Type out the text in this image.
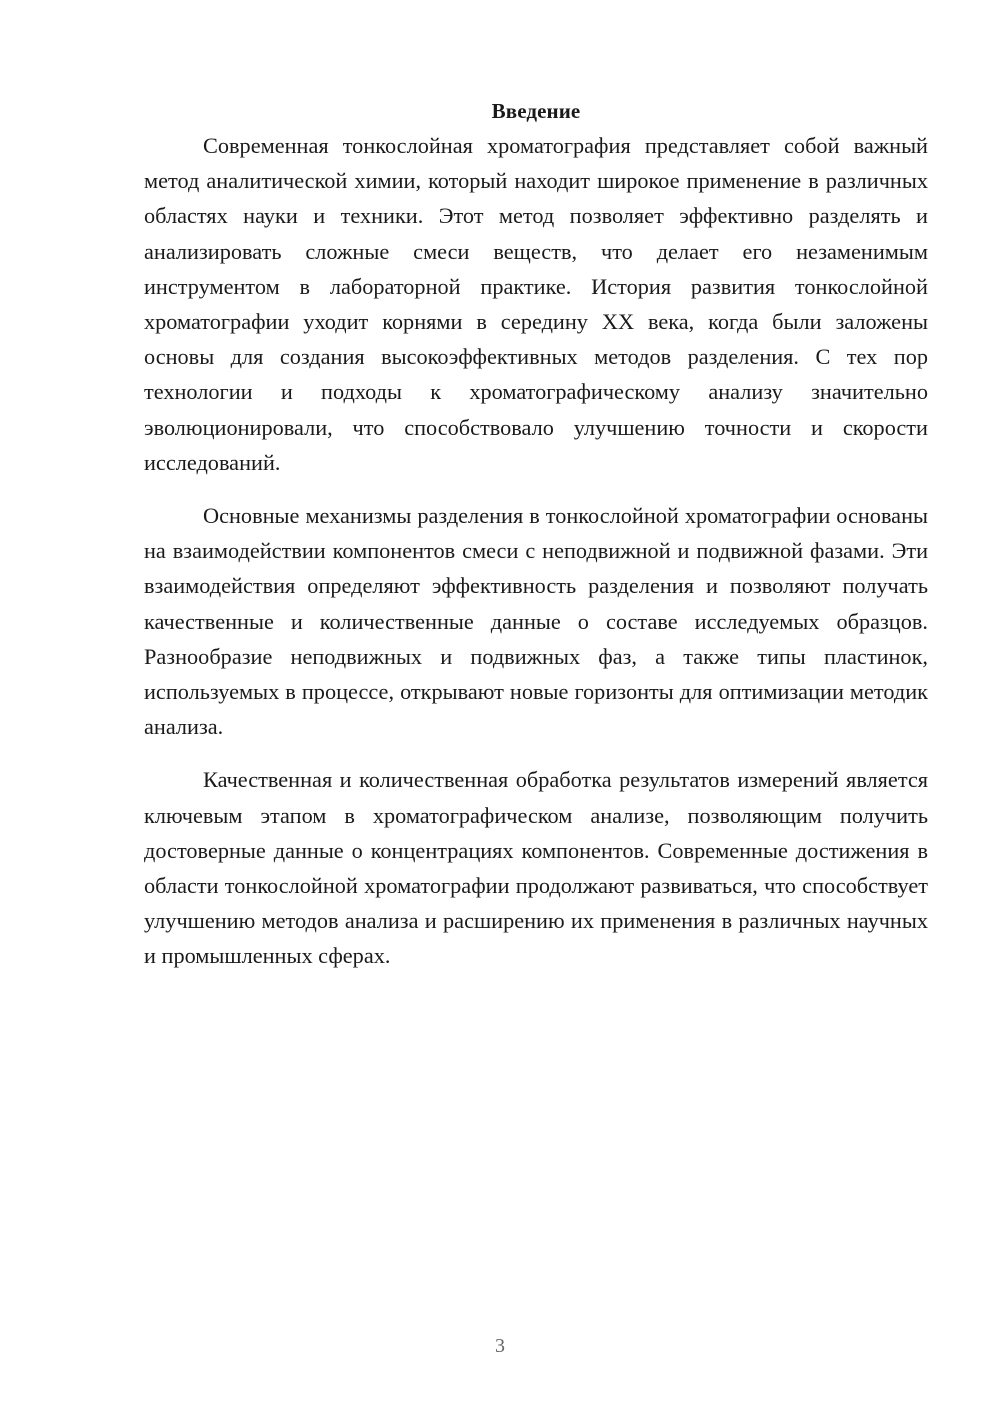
Введение

Современная тонкослойная хроматография представляет собой важный метод аналитической химии, который находит широкое применение в различных областях науки и техники. Этот метод позволяет эффективно разделять и анализировать сложные смеси веществ, что делает его незаменимым инструментом в лабораторной практике. История развития тонкослойной хроматографии уходит корнями в середину XX века, когда были заложены основы для создания высокоэффективных методов разделения. С тех пор технологии и подходы к хроматографическому анализу значительно эволюционировали, что способствовало улучшению точности и скорости исследований.

Основные механизмы разделения в тонкослойной хроматографии основаны на взаимодействии компонентов смеси с неподвижной и подвижной фазами. Эти взаимодействия определяют эффективность разделения и позволяют получать качественные и количественные данные о составе исследуемых образцов. Разнообразие неподвижных и подвижных фаз, а также типы пластинок, используемых в процессе, открывают новые горизонты для оптимизации методик анализа.

Качественная и количественная обработка результатов измерений является ключевым этапом в хроматографическом анализе, позволяющим получить достоверные данные о концентрациях компонентов. Современные достижения в области тонкослойной хроматографии продолжают развиваться, что способствует улучшению методов анализа и расширению их применения в различных научных и промышленных сферах.

3
